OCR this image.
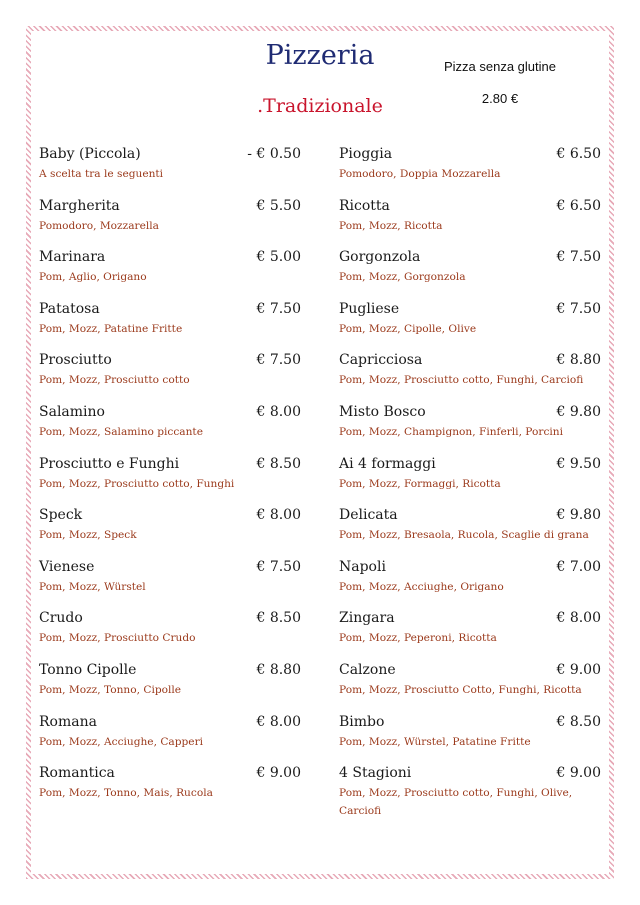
Pizzeria
.Tradizionale
Pizza senza glutine
2.80 €
Baby (Piccola)	- € 0.50
A scelta tra le seguenti
Margherita	€ 5.50
Pomodoro, Mozzarella
Marinara	€ 5.00
Pom, Aglio, Origano
Patatosa	€ 7.50
Pom, Mozz, Patatine Fritte
Prosciutto	€ 7.50
Pom, Mozz, Prosciutto cotto
Salamino	€ 8.00
Pom, Mozz, Salamino piccante
Prosciutto e Funghi	€ 8.50
Pom, Mozz, Prosciutto cotto, Funghi
Speck	€ 8.00
Pom, Mozz, Speck
Vienese	€ 7.50
Pom, Mozz, Würstel
Crudo	€ 8.50
Pom, Mozz, Prosciutto Crudo
Tonno Cipolle	€ 8.80
Pom, Mozz, Tonno, Cipolle
Romana	€ 8.00
Pom, Mozz, Acciughe, Capperi
Romantica	€ 9.00
Pom, Mozz, Tonno, Mais, Rucola
Pioggia	€ 6.50
Pomodoro, Doppia Mozzarella
Ricotta	€ 6.50
Pom, Mozz, Ricotta
Gorgonzola	€ 7.50
Pom, Mozz, Gorgonzola
Pugliese	€ 7.50
Pom, Mozz, Cipolle, Olive
Capricciosa	€ 8.80
Pom, Mozz, Prosciutto cotto, Funghi, Carciofi
Misto Bosco	€ 9.80
Pom, Mozz, Champignon, Finferli, Porcini
Ai 4 formaggi	€ 9.50
Pom, Mozz, Formaggi, Ricotta
Delicata	€ 9.80
Pom, Mozz, Bresaola, Rucola, Scaglie di grana
Napoli	€ 7.00
Pom, Mozz, Acciughe, Origano
Zingara	€ 8.00
Pom, Mozz, Peperoni, Ricotta
Calzone	€ 9.00
Pom, Mozz, Prosciutto Cotto, Funghi, Ricotta
Bimbo	€ 8.50
Pom, Mozz, Würstel, Patatine Fritte
4 Stagioni	€ 9.00
Pom, Mozz, Prosciutto cotto, Funghi, Olive, Carciofi
